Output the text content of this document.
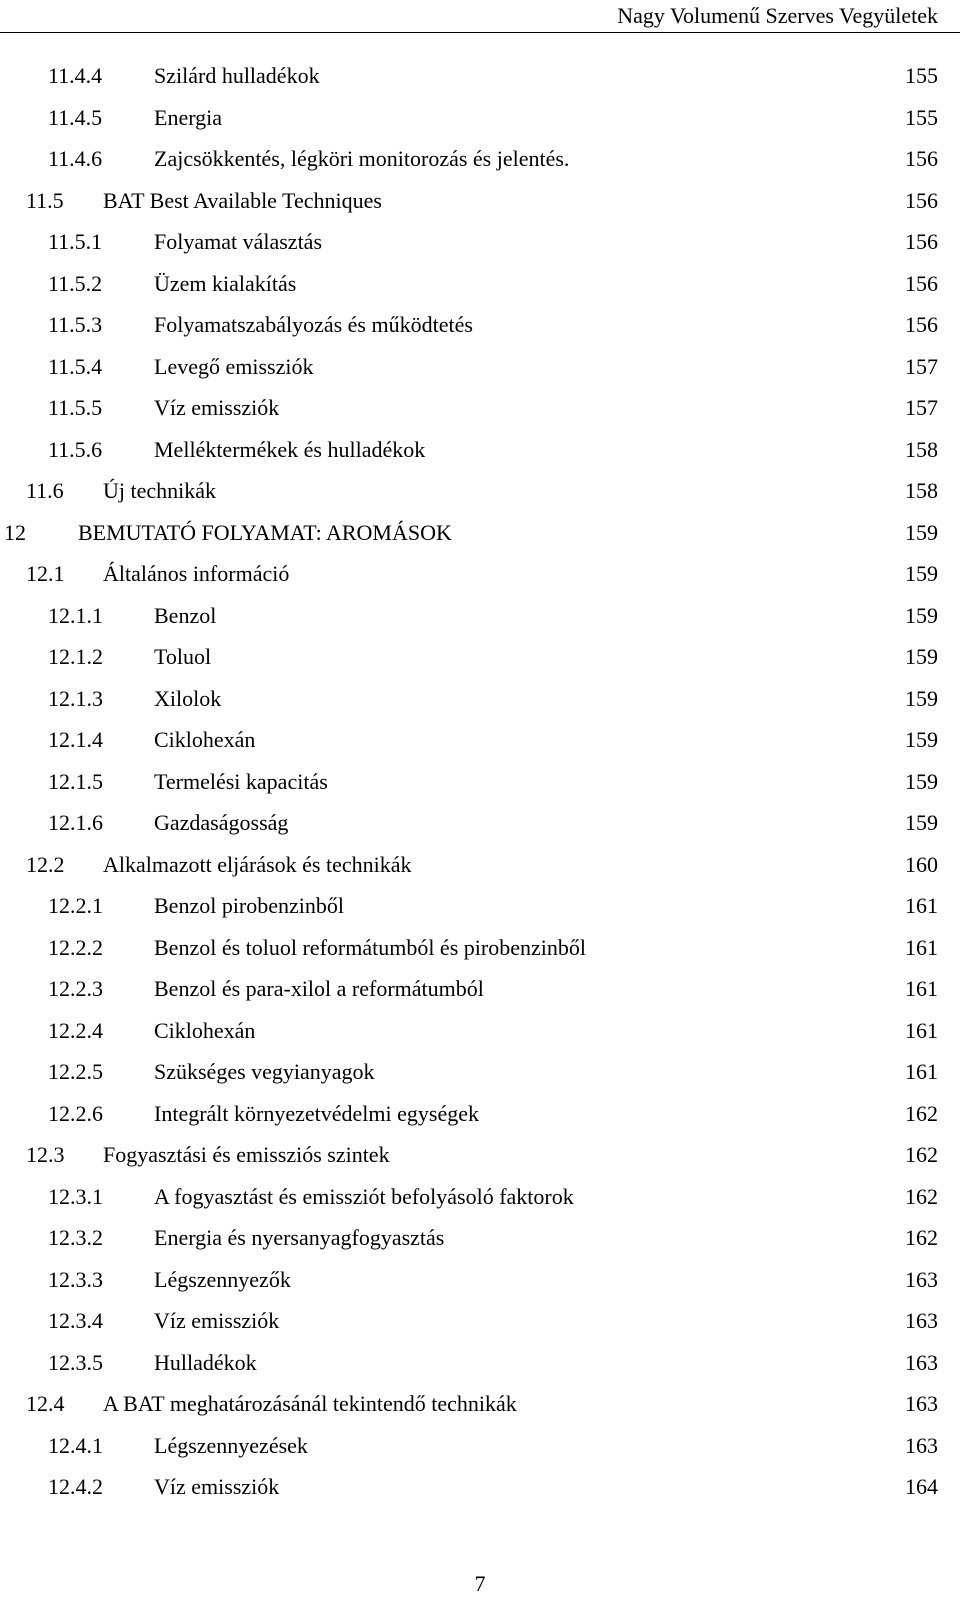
Nagy Volumenű Szerves Vegyületek
11.4.4 Szilárd hulladékok	155
11.4.5 Energia	155
11.4.6 Zajcsökkentés, légköri monitorozás és jelentés.	156
11.5 BAT Best Available Techniques	156
11.5.1 Folyamat választás	156
11.5.2 Üzem kialakítás	156
11.5.3 Folyamatszabályozás és működtetés	156
11.5.4 Levegő emissziók	157
11.5.5 Víz emissziók	157
11.5.6 Melléktermékek és hulladékok	158
11.6 Új technikák	158
12 BEMUTATÓ FOLYAMAT: AROMÁSOK	159
12.1 Általános információ	159
12.1.1 Benzol	159
12.1.2 Toluol	159
12.1.3 Xilolok	159
12.1.4 Ciklohexán	159
12.1.5 Termelési kapacitás	159
12.1.6 Gazdaságosság	159
12.2 Alkalmazott eljárások és technikák	160
12.2.1 Benzol pirobenzinből	161
12.2.2 Benzol és toluol reformátumból és pirobenzinből	161
12.2.3 Benzol és para-xilol a reformátumból	161
12.2.4 Ciklohexán	161
12.2.5 Szükséges vegyianyagok	161
12.2.6 Integrált környezetvédelmi egységek	162
12.3 Fogyasztási és emissziós szintek	162
12.3.1 A fogyasztást és emissziót befolyásoló faktorok	162
12.3.2 Energia és nyersanyagfogyasztás	162
12.3.3 Légszennyezők	163
12.3.4 Víz emissziók	163
12.3.5 Hulladékok	163
12.4 A BAT meghatározásánál tekintendő technikák	163
12.4.1 Légszennyezések	163
12.4.2 Víz emissziók	164
7
